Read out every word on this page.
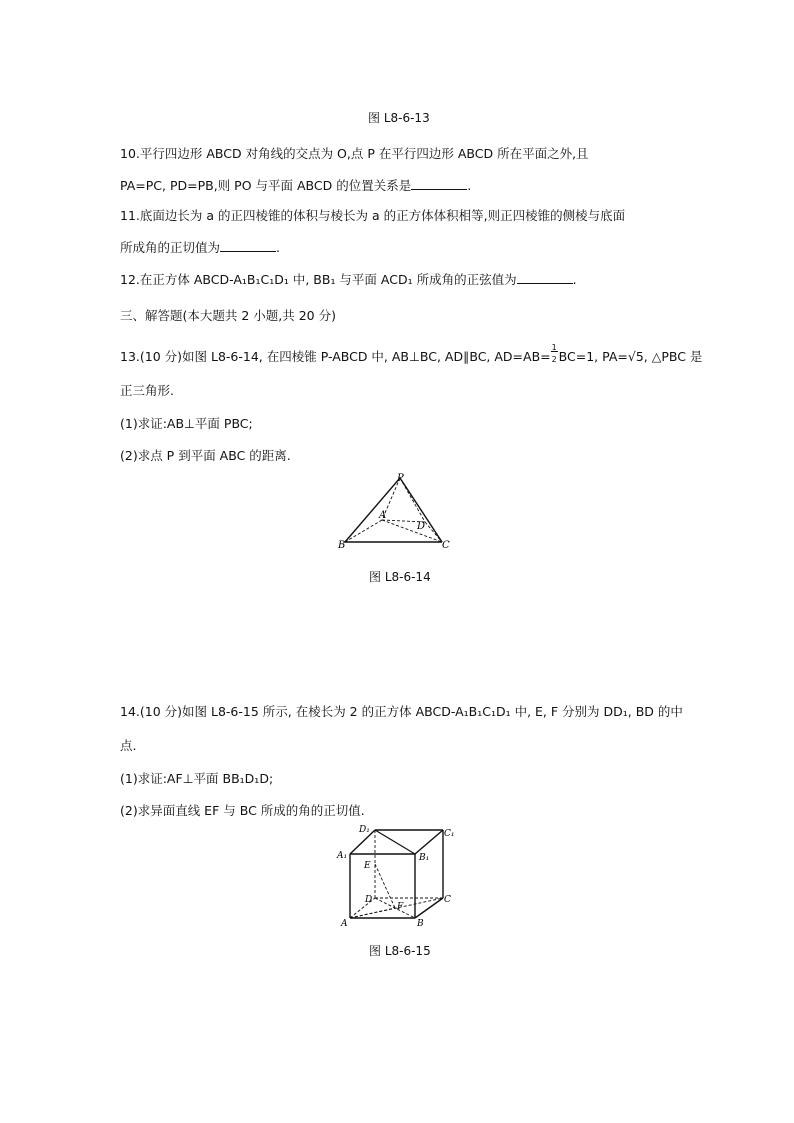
图 L8-6-13
10.平行四边形 ABCD 对角线的交点为 O,点 P 在平行四边形 ABCD 所在平面之外,且
PA=PC, PD=PB,则 PO 与平面 ABCD 的位置关系是	.
11.底面边长为 a 的正四棱锥的体积与棱长为 a 的正方体体积相等,则正四棱锥的侧棱与底面
所成角的正切值为	.
12.在正方体 ABCD-A₁B₁C₁D₁ 中, BB₁ 与平面 ACD₁ 所成角的正弦值为	.
三、解答题(本大题共 2 小题,共 20 分)
13.(10 分)如图 L8-6-14, 在四棱锥 P-ABCD 中, AB⊥BC, AD∥BC, $AD=AB= \frac{1}{2} BC=1$, PA=√5, △PBC 是
正三角形.
(1)求证:AB⊥平面 PBC;
(2)求点 P 到平面 ABC 的距离.
P
A
D
B	C
图 L8-6-14
14.(10 分)如图 L8-6-15 所示, 在棱长为 2 的正方体 ABCD-A₁B₁C₁D₁ 中, E, F 分别为 DD₁, BD 的中
点.
(1)求证:AF⊥平面 BB₁D₁D;
(2)求异面直线 EF 与 BC 所成的角的正切值.
D₁	C₁
A₁	B₁
E
D
F
C
A	B
图 L8-6-15
